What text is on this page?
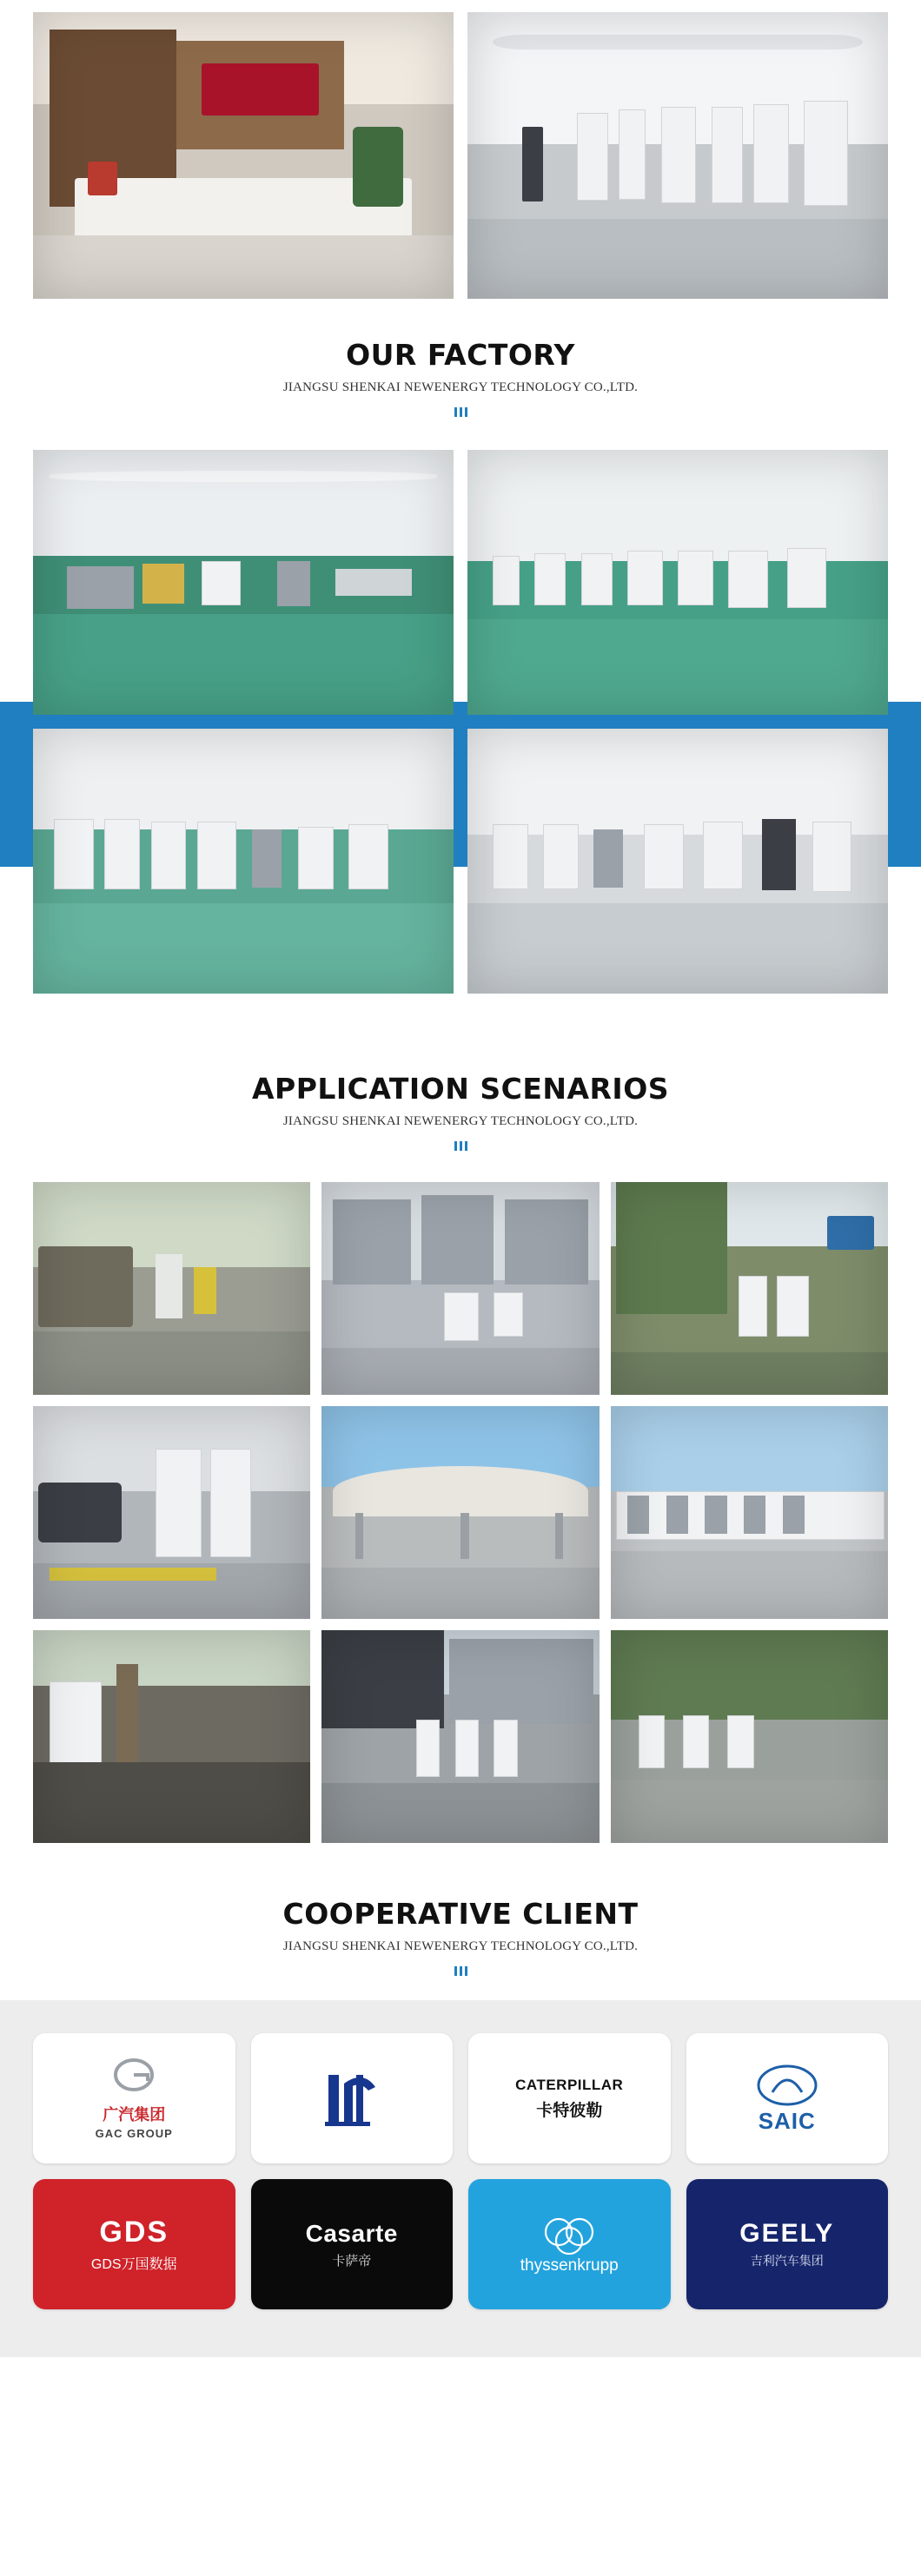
OUR FACTORY
JIANGSU SHENKAI NEWENERGY TECHNOLOGY CO.,LTD.
APPLICATION SCENARIOS
JIANGSU SHENKAI NEWENERGY TECHNOLOGY CO.,LTD.
COOPERATIVE CLIENT
JIANGSU SHENKAI NEWENERGY TECHNOLOGY CO.,LTD.
广汽集团
GAC GROUP
CATERPILLAR
卡特彼勒	SAIC
GDS
GDS万国数据
Casarte
卡萨帝	thyssenkrupp
GEELY
吉利汽车集团
